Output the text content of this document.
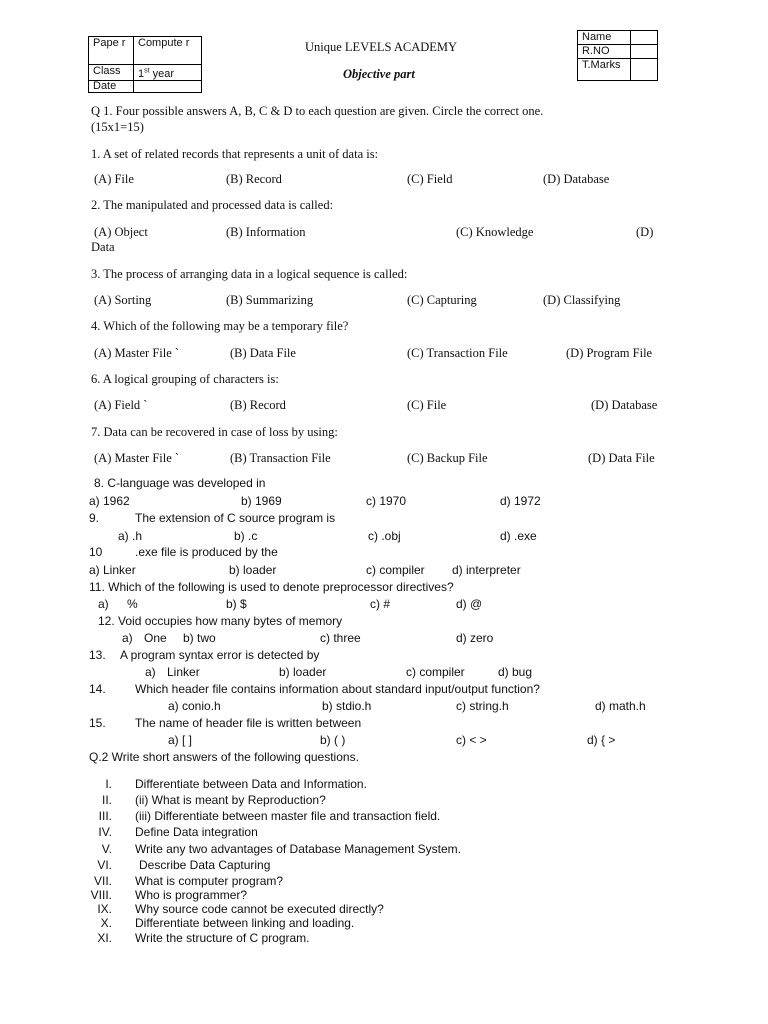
Pape r	Compute r
Class	1st year
Date	
Unique LEVELS ACADEMY
Objective part
Name	
R.NO	
T.Marks	
Q 1. Four possible answers A, B, C & D to each question are given. Circle the correct one.
(15x1=15)
1. A set of related records that represents a unit of data is:
(A) File	(B) Record	(C) Field	(D) Database
2. The manipulated and processed data is called:
(A) Object	(B) Information	(C) Knowledge	(D)
Data
3. The process of arranging data in a logical sequence is called:
(A) Sorting	(B) Summarizing	(C) Capturing	(D) Classifying
4. Which of the following may be a temporary file?
(A) Master File `	(B) Data File	(C) Transaction File	(D) Program File
6. A logical grouping of characters is:
(A) Field `	(B) Record	(C) File	(D) Database
7. Data can be recovered in case of loss by using:
(A) Master File `	(B) Transaction File	(C) Backup File	(D) Data File
8. C-language was developed in
a) 1962	b) 1969	c) 1970	d) 1972
9.	The extension of C source program is
a) .h	b) .c	c) .obj	d) .exe
10	.exe file is produced by the
a) Linker	b) loader	c) compiler d) interpreter
11. Which of the following is used to denote preprocessor directives?
a) %	b) $	c) #	d) @
12. Void occupies how many bytes of memory
a) One b) two	c) three	d) zero
13. A program syntax error is detected by
a) Linker	b) loader	c) compiler	d) bug
14. Which header file contains information about standard input/output function?
a) conio.h	b) stdio.h	c) string.h	d) math.h
15. The name of header file is written between
a) [ ]	b) ( )	c) < >	d) { >
Q.2 Write short answers of the following questions.
I. Differentiate between Data and Information.
II. (ii) What is meant by Reproduction?
III. (iii) Differentiate between master file and transaction field.
IV. Define Data integration
V. Write any two advantages of Database Management System.
VI. Describe Data Capturing
VII. What is computer program?
VIII. Who is programmer?
IX. Why source code cannot be executed directly?
X. Differentiate between linking and loading.
XI. Write the structure of C program.
